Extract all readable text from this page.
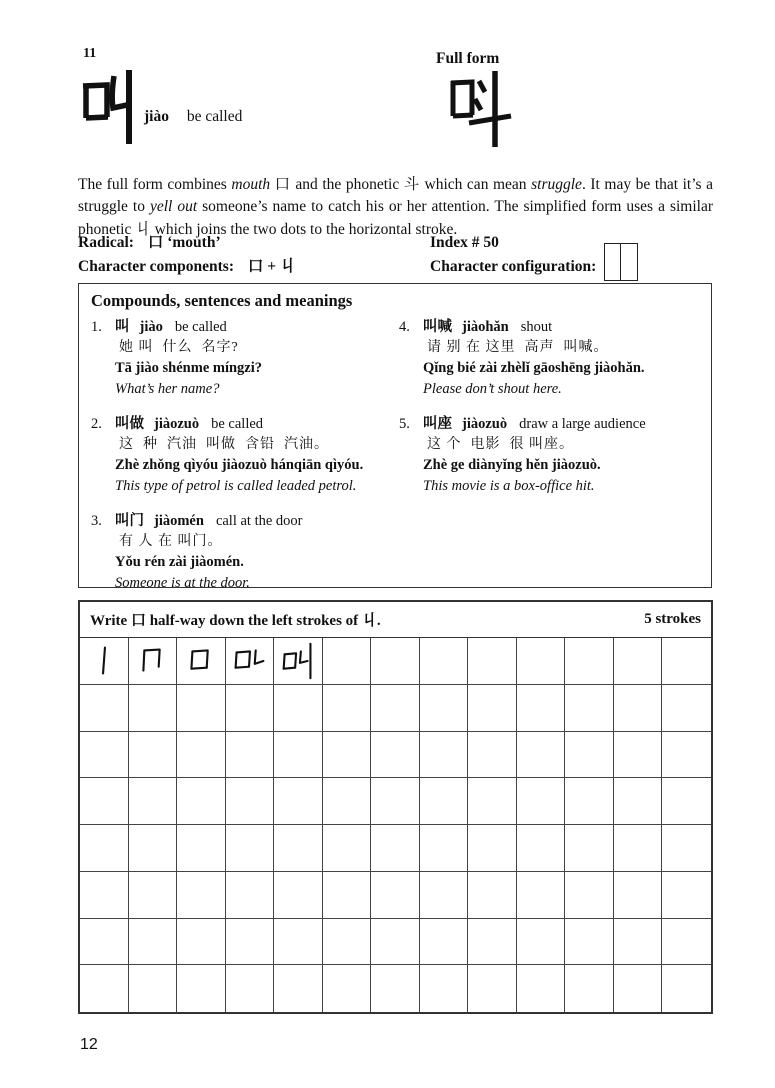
11
jiào be called
Full form

The full form combines mouth 口 and the phonetic 斗 which can mean struggle. It may be that it’s a struggle to yell out someone’s name to catch his or her attention. The simplified form uses a similar phonetic 丩 which joins the two dots to the horizontal stroke.

Radical: 口 ‘mouth’	Index # 50
Character components: 口 + 丩	Character configuration:
Compounds, sentences and meanings
1. 叫 jiào be called
她 叫  什么  名字?
Tā jiào shénme míngzi?
What’s her name?
2. 叫做 jiàozuò be called
这  种  汽油  叫做  含铅  汽油。
Zhè zhǒng qìyóu jiàozuò hánqiān qìyóu.
This type of petrol is called leaded petrol.
3. 叫门 jiàomén call at the door
有 人 在 叫门。
Yǒu rén zài jiàomén.
Someone is at the door.
4. 叫喊 jiàohǎn shout
请 别 在 这里  高声  叫喊。
Qǐng bié zài zhèlǐ gāoshēng jiàohǎn.
Please don’t shout here.
5. 叫座 jiàozuò draw a large audience
这 个  电影  很 叫座。
Zhè ge diànyǐng hěn jiàozuò.
This movie is a box-office hit.
Write 口 half-way down the left strokes of 丩.	5 strokes
12
